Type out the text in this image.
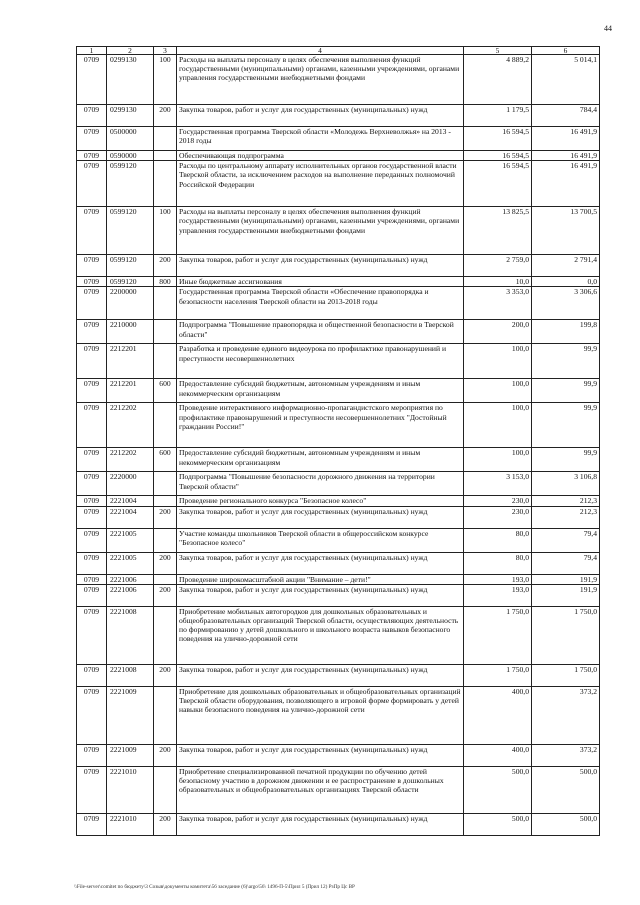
44
1	2	3	4	5	6
0709	0299130	100	Расходы на выплаты персоналу в целях обеспечения выполнения функций государственными (муниципальными) органами, казенными учреждениями, органами управления государственными внебюджетными фондами	4 889,2	5 014,1
0709	0299130	200	Закупка товаров, работ и услуг для государственных (муниципальных) нужд	1 179,5	784,4
0709	0500000		Государственная программа Тверской области «Молодежь Верхневолжья» на 2013 - 2018 годы	16 594,5	16 491,9
0709	0590000		Обеспечивающая подпрограмма	16 594,5	16 491,9
0709	0599120		Расходы по центральному аппарату исполнительных органов государственной власти Тверской области, за исключением расходов на выполнение переданных полномочий Российской Федерации	16 594,5	16 491,9
0709	0599120	100	Расходы на выплаты персоналу в целях обеспечения выполнения функций государственными (муниципальными) органами, казенными учреждениями, органами управления государственными внебюджетными фондами	13 825,5	13 700,5
0709	0599120	200	Закупка товаров, работ и услуг для государственных (муниципальных) нужд	2 759,0	2 791,4
0709	0599120	800	Иные бюджетные ассигнования	10,0	0,0
0709	2200000		Государственная программа Тверской области «Обеспечение правопорядка и безопасности населения Тверской области на 2013-2018 годы	3 353,0	3 306,6
0709	2210000		Подпрограмма "Повышение правопорядка и общественной безопасности в Тверской области"	200,0	199,8
0709	2212201		Разработка и проведение единого видеоурока по профилактике правонарушений и преступности несовершеннолетних	100,0	99,9
0709	2212201	600	Предоставление субсидий бюджетным, автономным учреждениям и иным некоммерческим организациям	100,0	99,9
0709	2212202		Проведение интерактивного информационно-пропагандистского мероприятия по профилактике правонарушений и преступности несовершеннолетних "Достойный гражданин России!"	100,0	99,9
0709	2212202	600	Предоставление субсидий бюджетным, автономным учреждениям и иным некоммерческим организациям	100,0	99,9
0709	2220000		Подпрограмма "Повышение безопасности дорожного движения на территории Тверской области"	3 153,0	3 106,8
0709	2221004		Проведение регионального конкурса "Безопасное колесо"	230,0	212,3
0709	2221004	200	Закупка товаров, работ и услуг для государственных (муниципальных) нужд	230,0	212,3
0709	2221005		Участие команды школьников Тверской области в общероссийском конкурсе "Безопасное колесо"	80,0	79,4
0709	2221005	200	Закупка товаров, работ и услуг для государственных (муниципальных) нужд	80,0	79,4
0709	2221006		Проведение широкомасштабной акции "Внимание – дети!"	193,0	191,9
0709	2221006	200	Закупка товаров, работ и услуг для государственных (муниципальных) нужд	193,0	191,9
0709	2221008		Приобретение мобильных автогородков для дошкольных образовательных и общеобразовательных организаций Тверской области, осуществляющих деятельность по формированию у детей дошкольного и школьного возраста навыков безопасного поведения на улично-дорожной сети	1 750,0	1 750,0
0709	2221008	200	Закупка товаров, работ и услуг для государственных (муниципальных) нужд	1 750,0	1 750,0
0709	2221009		Приобретение для дошкольных образовательных и общеобразовательных организаций Тверской области оборудования, позволяющего в игровой форме формировать у детей навыки безопасного поведения на улично-дорожной сети	400,0	373,2
0709	2221009	200	Закупка товаров, работ и услуг для государственных (муниципальных) нужд	400,0	373,2
0709	2221010		Приобретение специализированной печатной продукции по обучению детей безопасному участию в дорожном движении и ее распространение в дошкольных образовательных и общеобразовательных организациях Тверской области	500,0	500,0
0709	2221010	200	Закупка товаров, работ и услуг для государственных (муниципальных) нужд	500,0	500,0
\\File-server\comitet по бюджету\3 Созыв\документы комитета\56 заседание (6)\argo\56\ 1496-П-5\Прил 5 (Прил 12) РзПр Цс ВР
